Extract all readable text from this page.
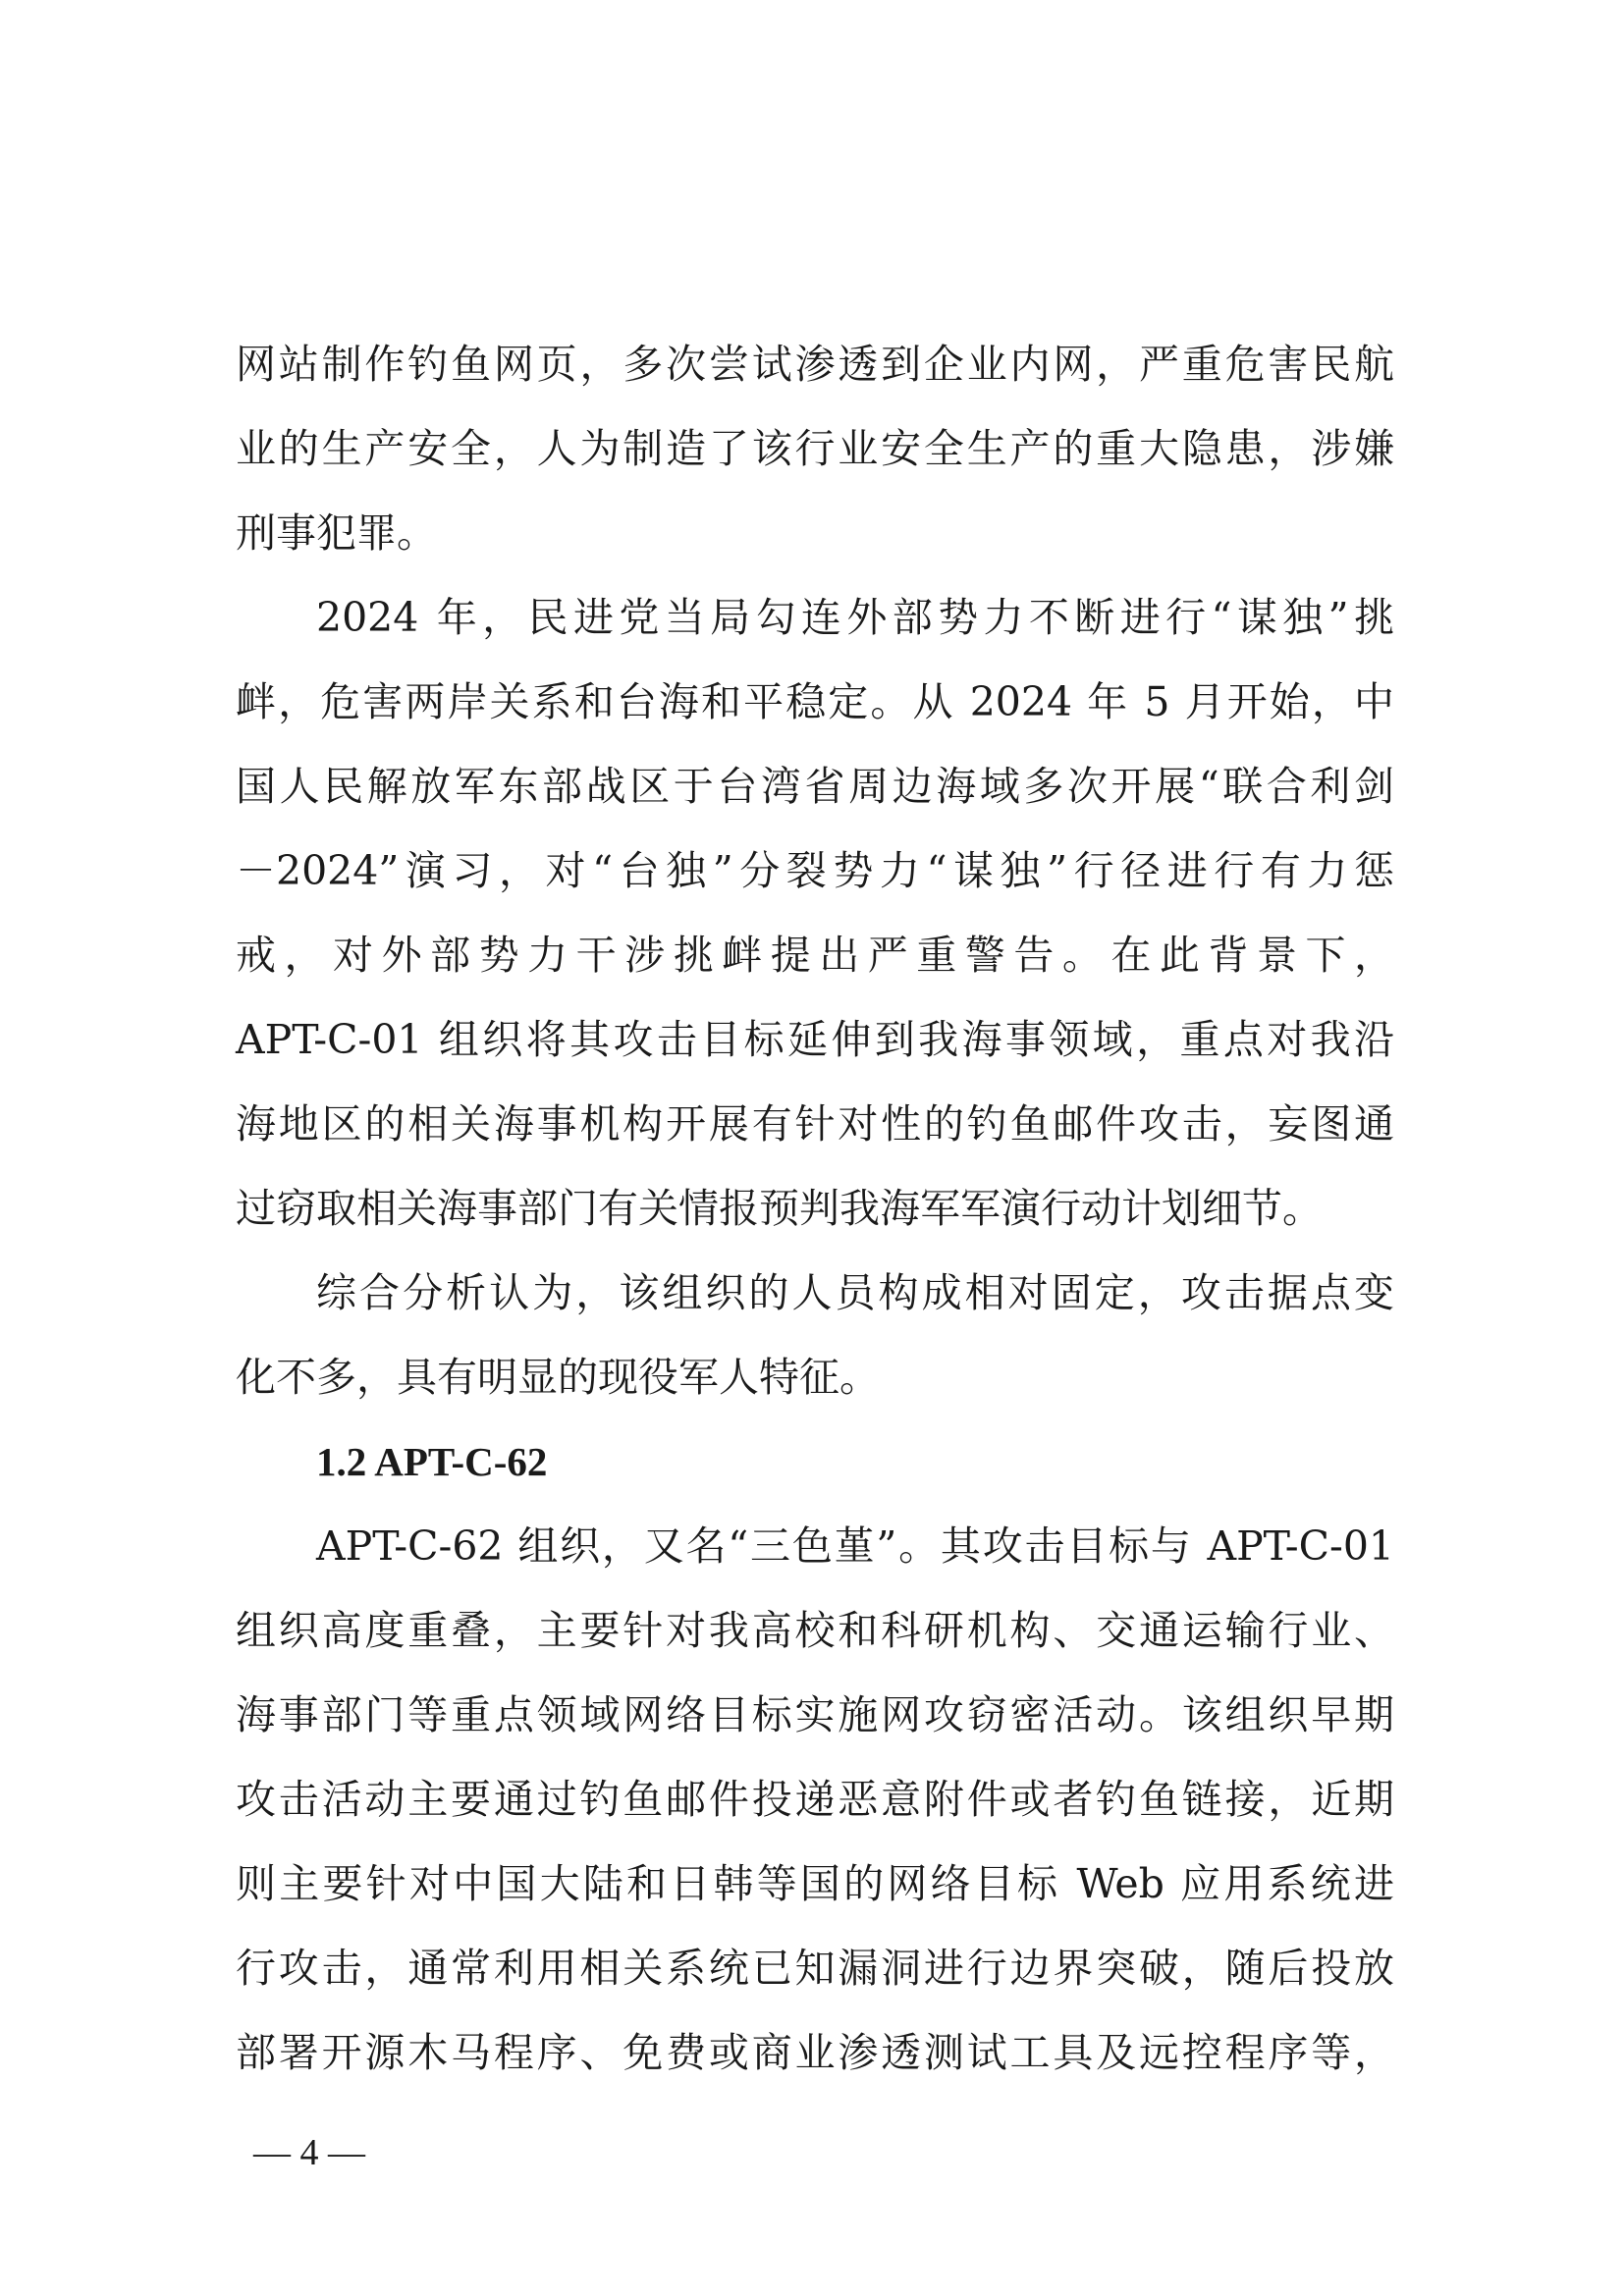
网站制作钓鱼网页，多次尝试渗透到企业内网，严重危害民航
业的生产安全，人为制造了该行业安全生产的重大隐患，涉嫌
刑事犯罪。
2024 年，民进党当局勾连外部势力不断进行“谋独”挑
衅，危害两岸关系和台海和平稳定。从 2024 年 5 月开始，中
国人民解放军东部战区于台湾省周边海域多次开展“联合利剑
－2024”演习，对“台独”分裂势力“谋独”行径进行有力惩
戒，对外部势力干涉挑衅提出严重警告。在此背景下，
APT-C-01 组织将其攻击目标延伸到我海事领域，重点对我沿
海地区的相关海事机构开展有针对性的钓鱼邮件攻击，妄图通
过窃取相关海事部门有关情报预判我海军军演行动计划细节。
综合分析认为，该组织的人员构成相对固定，攻击据点变
化不多，具有明显的现役军人特征。
1.2 APT-C-62
APT-C-62 组织，又名“三色堇”。其攻击目标与 APT-C-01
组织高度重叠，主要针对我高校和科研机构、交通运输行业、
海事部门等重点领域网络目标实施网攻窃密活动。该组织早期
攻击活动主要通过钓鱼邮件投递恶意附件或者钓鱼链接，近期
则主要针对中国大陆和日韩等国的网络目标 Web 应用系统进
行攻击，通常利用相关系统已知漏洞进行边界突破，随后投放
部署开源木马程序、免费或商业渗透测试工具及远控程序等，
— 4 —
